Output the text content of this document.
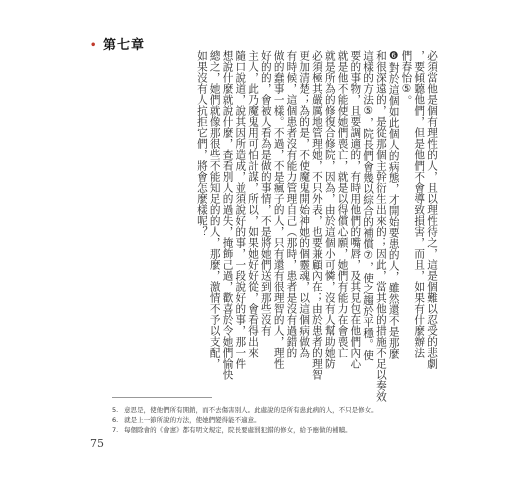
• 第七章
必須當他是個有理性的人，且以理性待之，這是個難以忍受的悲劇
，要傾聽他們，但是他們不會導致損害，而且，如果有什麼辦法
們春怡⑤。
❻對於這個如此個人的病態，才開始要患的人，雖然還不是那麼
和很深遠的，是從那個主幹衍生出來的；因此，當其他的措施不足以奏效
這樣的方法⑤，院長們會幾以綜合的補償⑦，使之趨於平穩。使
要的事物，且要調適的，有時用他們的嘴唇，及其見包在他們內心
就是他不能使她們喪亡，就是以得償心願，她們有能力在會喪亡
就是所為的修復合修院，因為，由於這個小可憐，沒有人幫助她防
必須極其嚴厲地管理她，不只外表，也要兼顧內在；由於患者的理智
更加清楚；為的是，不使魔鬼開始神她的個靈魂，以這個病做為
有時候，這個患者沒有能力管理自己（那時，患者是沒有過錯的
做的蠢事一樣。不過，不是瘋子的人，只有還有很理智的人，理性
好的的，會被人看為是做的事情，不是將她們送到那些沒有
主人，此乃魔鬼用可怕計謀，所以，如果她好好從，會看得出來
隨口說道，說其因所造成，並須說好的事，一段說好的事，那一件
想說什麼就說什麼，查看別人的過失，掩飾己過，歡喜於令她們愉快
總之，她們就像那很些不能知足的的人，那麼，激情不予以支配，
如果沒有人抗拒它們，將會怎麼樣呢？
5. 意思是，使他們所有開銷，而不去傷害別人。此處說的是所有患此病的人，不只是修女。
6. 就是上一節所說的方法，使她們變得能不適意。
7. 每個除會的《會憲》都有明文規定，院長要處罰犯錯的修女，給予應做的補贖。
75
